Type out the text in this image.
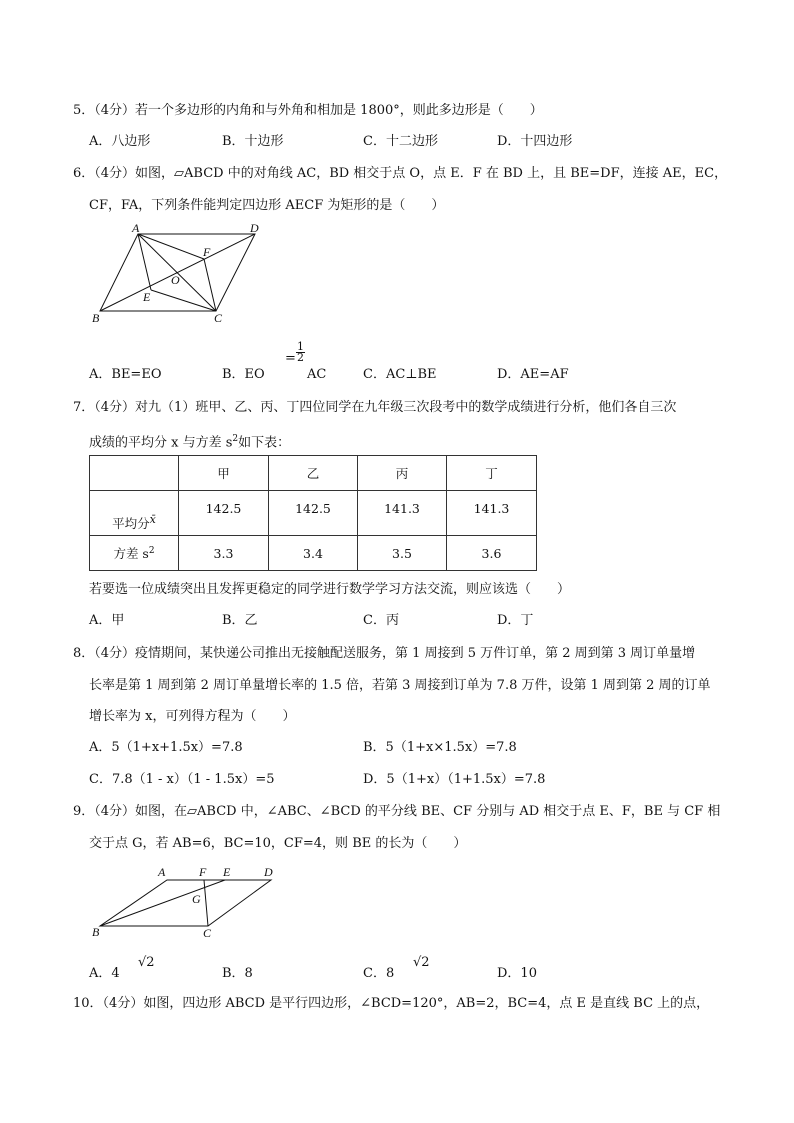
5．（4分）若一个多边形的内角和与外角和相加是 1800°，则此多边形是（　　）
A．八边形	B．十边形	C．十二边形	D．十四边形
6．（4分）如图，▱ABCD 中的对角线 AC，BD 相交于点 O，点 E．F 在 BD 上，且 BE=DF，连接 AE，EC，
CF，FA，下列条件能判定四边形 AECF 为矩形的是（　　）
A	D
F
O
E
B	C
A．BE=EO	B．EO
= $\frac{1}{2}$
AC	C．AC⊥BE	D．AE=AF
7．（4分）对九（1）班甲、乙、丙、丁四位同学在九年级三次段考中的数学成绩进行分析，他们各自三次
成绩的平均分 x 与方差 $s^2$如下表：
	甲	乙	丙	丁
平均分$^{x̄}$	142.5	142.5	141.3	141.3
方差 $s^2$	3.3	3.4	3.5	3.6
若要选一位成绩突出且发挥更稳定的同学进行数学学习方法交流，则应该选（　　）
A．甲	B．乙	C．丙	D．丁
8．（4分）疫情期间，某快递公司推出无接触配送服务，第 1 周接到 5 万件订单，第 2 周到第 3 周订单量增
长率是第 1 周到第 2 周订单量增长率的 1.5 倍，若第 3 周接到订单为 7.8 万件，设第 1 周到第 2 周的订单
增长率为 x，可列得方程为（　　）
A．5（1+x+1.5x）=7.8	B．5（1+x×1.5x）=7.8
C．7.8（1 - x）（1 - 1.5x）=5	D．5（1+x）（1+1.5x）=7.8
9．（4分）如图，在▱ABCD 中，∠ABC、∠BCD 的平分线 BE、CF 分别与 AD 相交于点 E、F，BE 与 CF 相
交于点 G，若 AB=6，BC=10，CF=4，则 BE 的长为（　　）
A	F E	D
G
B	C
A．4
√2
B．8	C．8
√2
D．10
10．（4分）如图，四边形 ABCD 是平行四边形，∠BCD=120°，AB=2，BC=4，点 E 是直线 BC 上的点，
